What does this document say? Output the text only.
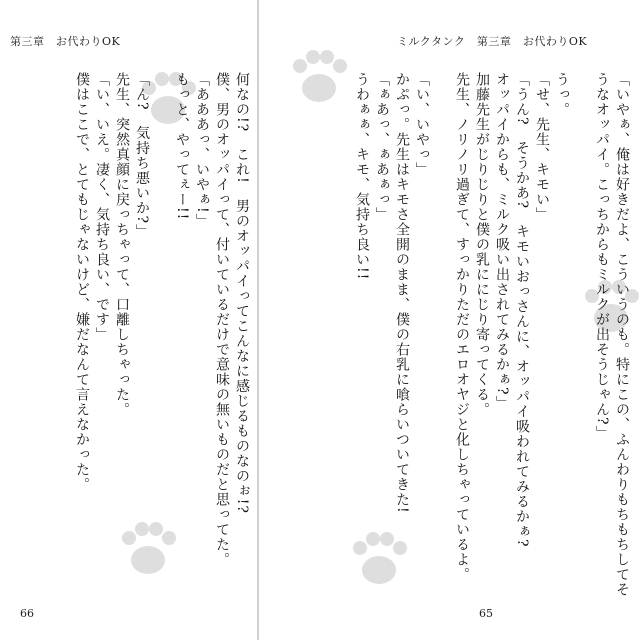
第三章　お代わりOK
何なの!?　これ!　男のオッパイってこんなに感じるものなのぉ!?
僕、男のオッパイって、付いているだけで意味の無いものだと思ってた。
「あああっ、いやぁ!」
もっと、やってぇー!!
「ん?　気持ち悪いか?」
先生、突然真顔に戻っちゃって、口離しちゃった。
「い、いえ。凄く、気持ち良い、です」
僕はここで、とてもじゃないけど、嫌だなんて言えなかった。
66
ミルクタンク　第三章　お代わりOK
「いやぁ、俺は好きだよ、こういうのも。特にこの、ふんわりもちもちしてそ
うなオッパイ。こっちからもミルクが出そうじゃん?」
うっ。
「せ、先生、キモい」
「うん?　そうかあ?　キモいおっさんに、オッパイ吸われてみるかぁ?
オッパイからも、ミルク吸い出されてみるかぁ?」
加藤先生がじりじりと僕の乳ににじり寄ってくる。
先生、ノリノリ過ぎて、すっかりただのエロオヤジと化しちゃっているよ。
「い、いやっ」
かぷっ。先生はキモさ全開のまま、僕の右乳に喰らいついてきた!
「ぁあっ、ぁあぁっ」
うわぁぁ、キモ、気持ち良い!!
65
